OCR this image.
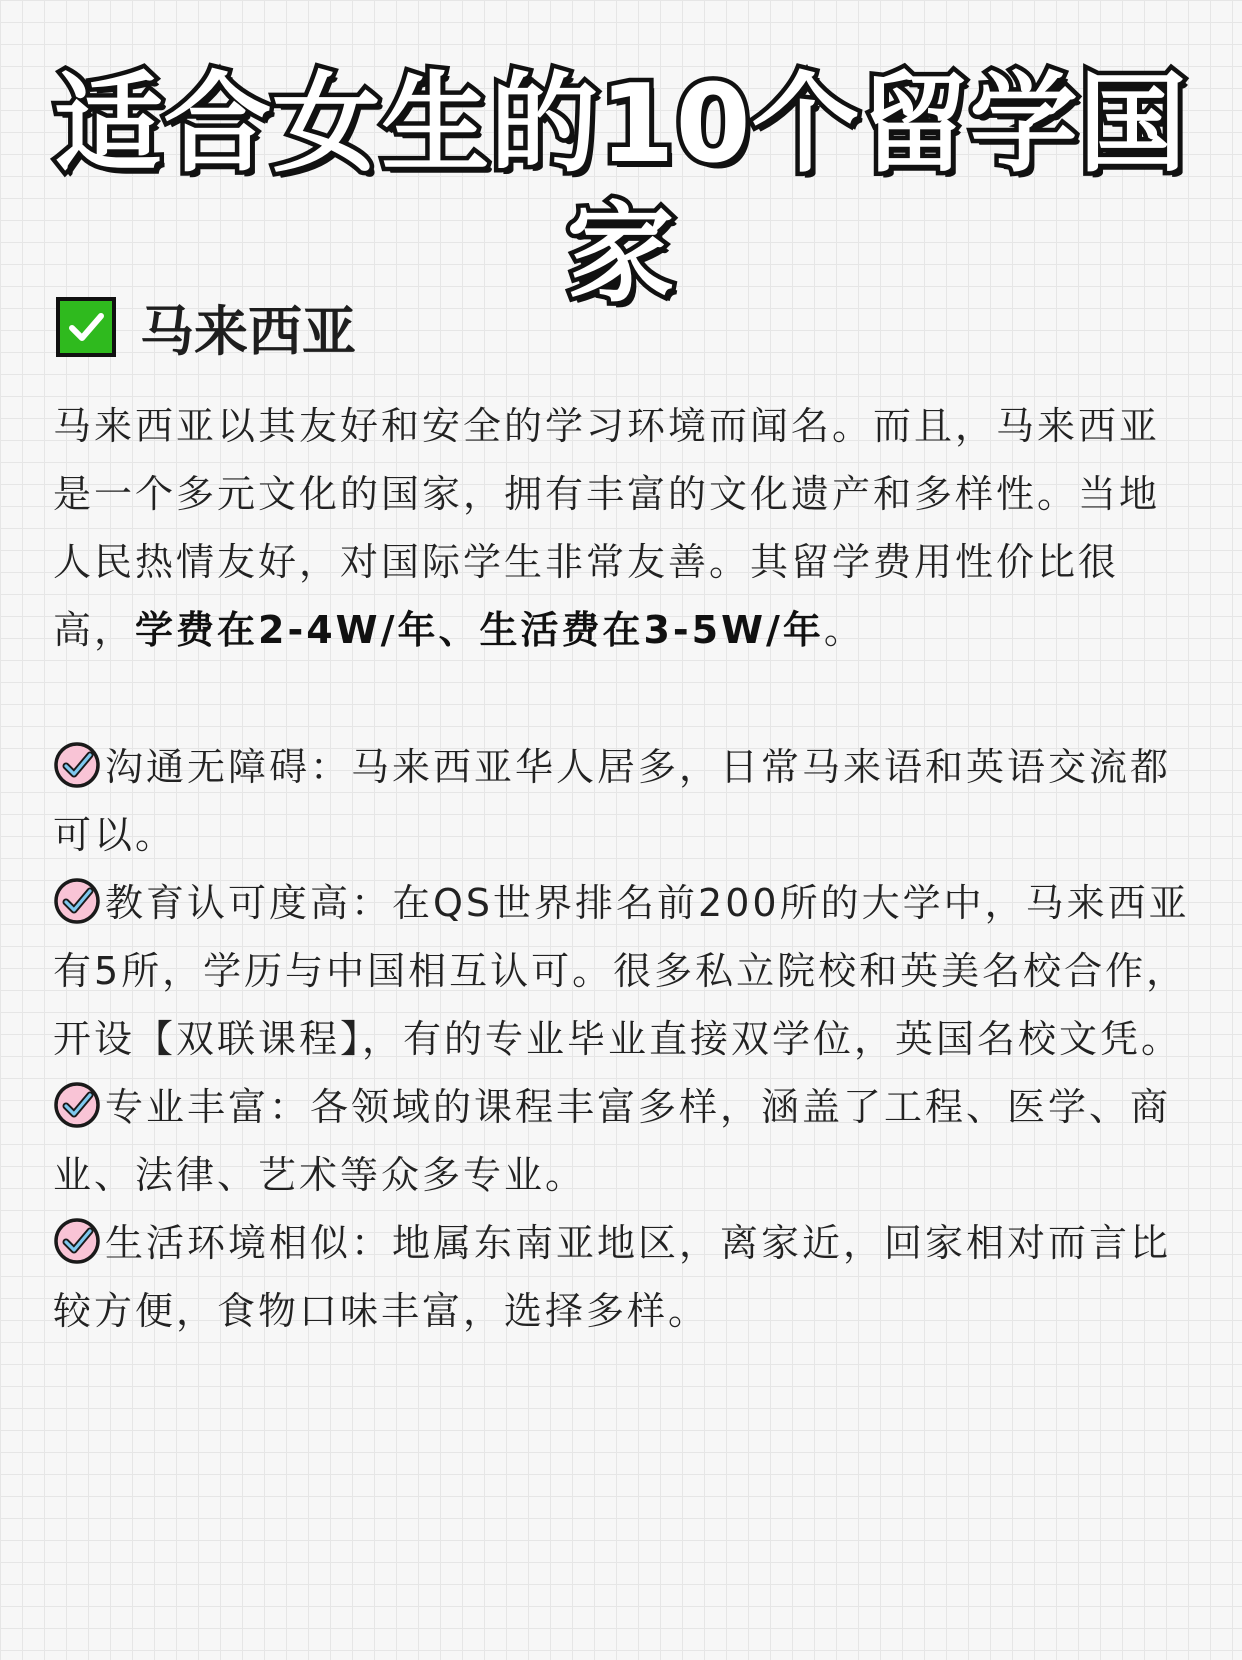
适合女生的10个留学国家
马来西亚

马来西亚以其友好和安全的学习环境而闻名。而且，马来西亚是一个多元文化的国家，拥有丰富的文化遗产和多样性。当地人民热情友好，对国际学生非常友善。其留学费用性价比很高，学费在2-4W/年、生活费在3-5W/年。

沟通无障碍：马来西亚华人居多，日常马来语和英语交流都可以。
教育认可度高：在QS世界排名前200所的大学中，马来西亚有5所，学历与中国相互认可。很多私立院校和英美名校合作，开设【双联课程】，有的专业毕业直接双学位，英国名校文凭。
专业丰富：各领域的课程丰富多样，涵盖了工程、医学、商业、法律、艺术等众多专业。
生活环境相似：地属东南亚地区，离家近，回家相对而言比较方便，食物口味丰富，选择多样。
